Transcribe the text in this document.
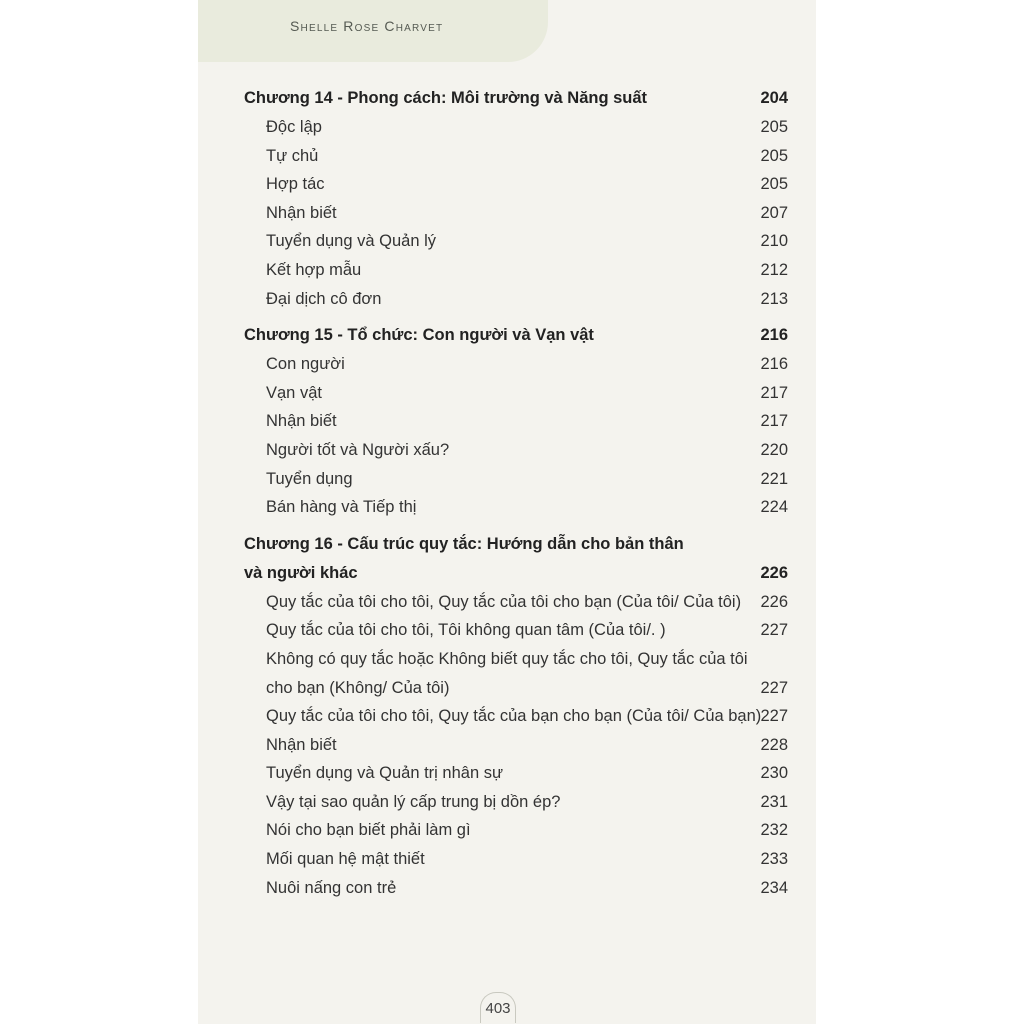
Shelle Rose Charvet
Chương 14 - Phong cách: Môi trường và Năng suất	204
Độc lập	205
Tự chủ	205
Hợp tác	205
Nhận biết	207
Tuyển dụng và Quản lý	210
Kết hợp mẫu	212
Đại dịch cô đơn	213
Chương 15 - Tổ chức: Con người và Vạn vật	216
Con người	216
Vạn vật	217
Nhận biết	217
Người tốt và Người xấu?	220
Tuyển dụng	221
Bán hàng và Tiếp thị	224
Chương 16 - Cấu trúc quy tắc: Hướng dẫn cho bản thân
và người khác	226
Quy tắc của tôi cho tôi, Quy tắc của tôi cho bạn (Của tôi/ Của tôi) 226
Quy tắc của tôi cho tôi, Tôi không quan tâm (Của tôi/. )	227
Không có quy tắc hoặc Không biết quy tắc cho tôi, Quy tắc của tôi
cho bạn (Không/ Của tôi)	227
Quy tắc của tôi cho tôi, Quy tắc của bạn cho bạn (Của tôi/ Của bạn) 227
Nhận biết	228
Tuyển dụng và Quản trị nhân sự	230
Vậy tại sao quản lý cấp trung bị dồn ép?	231
Nói cho bạn biết phải làm gì	232
Mối quan hệ mật thiết	233
Nuôi nấng con trẻ	234
403
